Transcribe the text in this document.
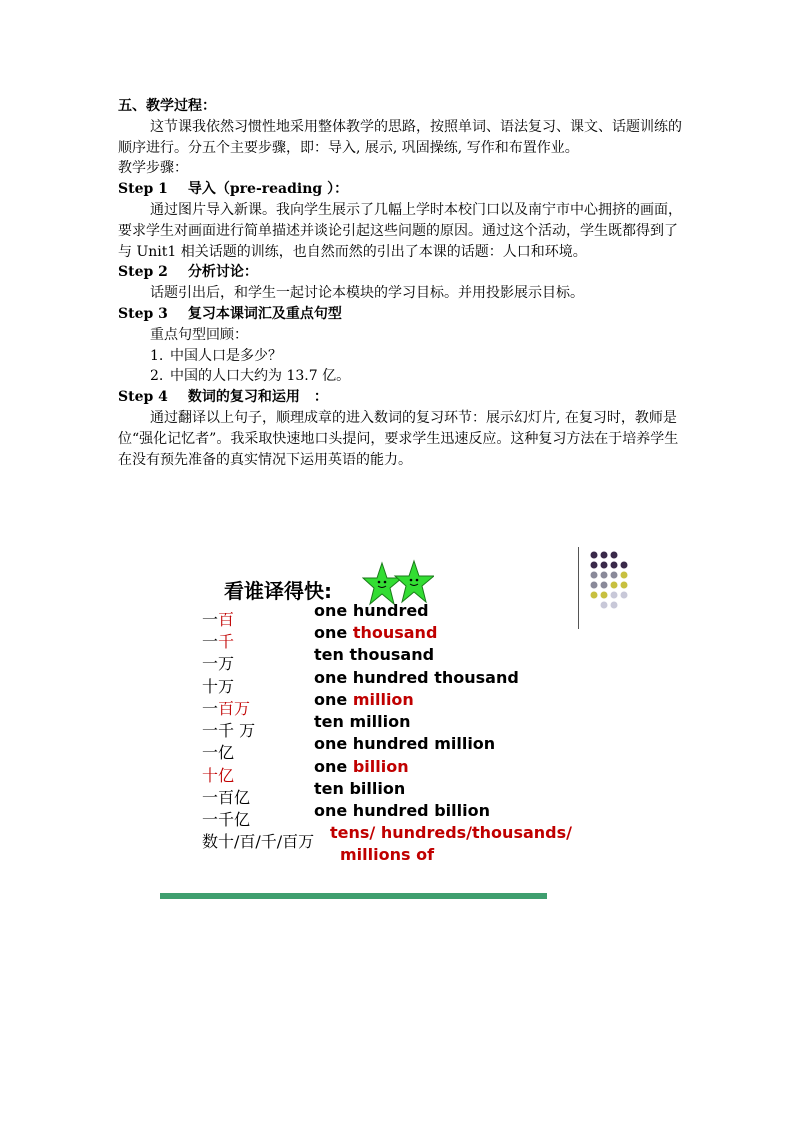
五、教学过程：

这节课我依然习惯性地采用整体教学的思路，按照单词、语法复习、课文、话题训练的顺序进行。分五个主要步骤，即：导入, 展示, 巩固操练, 写作和布置作业。

教学步骤：

Step 1 导入（pre-reading ）：

通过图片导入新课。我向学生展示了几幅上学时本校门口以及南宁市中心拥挤的画面，要求学生对画面进行简单描述并谈论引起这些问题的原因。通过这个活动，学生既都得到了与 Unit1 相关话题的训练，也自然而然的引出了本课的话题：人口和环境。

Step 2 分析讨论：

话题引出后，和学生一起讨论本模块的学习目标。并用投影展示目标。

Step 3 复习本课词汇及重点句型

重点句型回顾：

1. 中国人口是多少？

2. 中国的人口大约为 13.7 亿。

Step 4 数词的复习和运用　：

通过翻译以上句子，顺理成章的进入数词的复习环节：展示幻灯片, 在复习时，教师是位“强化记忆者”。我采取快速地口头提问，要求学生迅速反应。这种复习方法在于培养学生在没有预先准备的真实情况下运用英语的能力。

看谁译得快:
一百	one hundred
一千	one thousand
一万	ten thousand
十万	one hundred thousand
一百万	one million
一千 万	ten million
一亿	one hundred million
十亿	one billion
一百亿	ten billion
一千亿	one hundred billion
数十/百/千/百万 tens/ hundreds/thousands/
millions of
